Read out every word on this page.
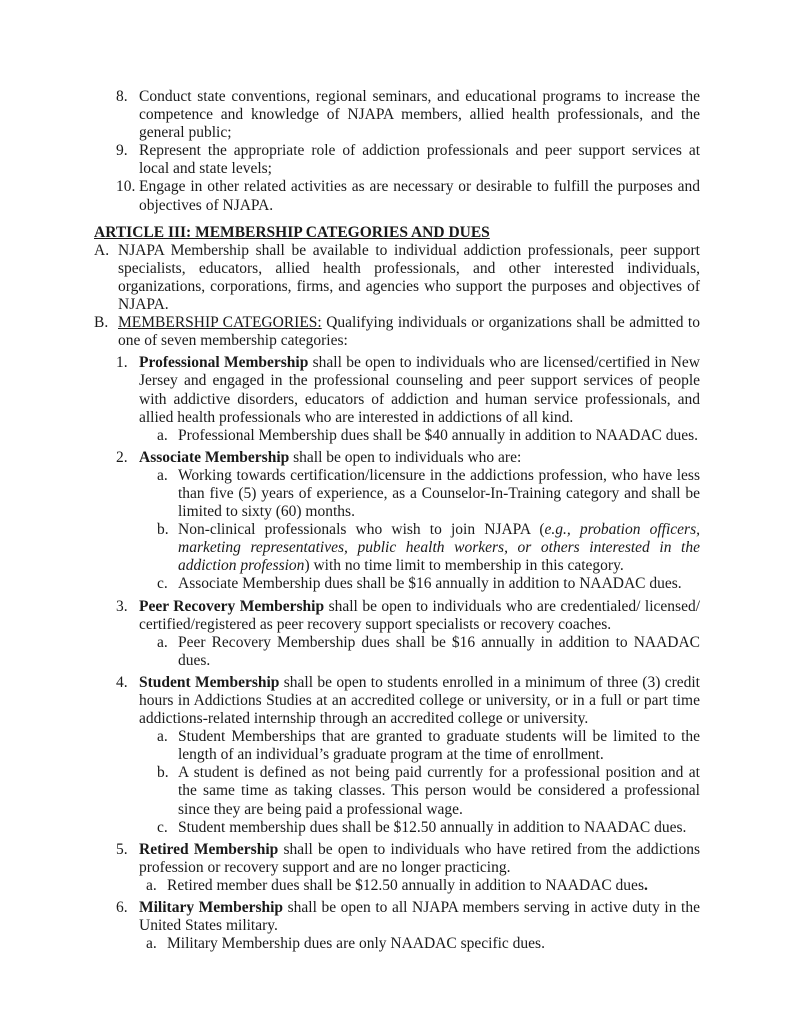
8. Conduct state conventions, regional seminars, and educational programs to increase the competence and knowledge of NJAPA members, allied health professionals, and the general public;
9. Represent the appropriate role of addiction professionals and peer support services at local and state levels;
10. Engage in other related activities as are necessary or desirable to fulfill the purposes and objectives of NJAPA.
ARTICLE III: MEMBERSHIP CATEGORIES AND DUES
A. NJAPA Membership shall be available to individual addiction professionals, peer support specialists, educators, allied health professionals, and other interested individuals, organizations, corporations, firms, and agencies who support the purposes and objectives of NJAPA.
B. MEMBERSHIP CATEGORIES: Qualifying individuals or organizations shall be admitted to one of seven membership categories:
1. Professional Membership shall be open to individuals who are licensed/certified in New Jersey and engaged in the professional counseling and peer support services of people with addictive disorders, educators of addiction and human service professionals, and allied health professionals who are interested in addictions of all kind.
a. Professional Membership dues shall be $40 annually in addition to NAADAC dues.
2. Associate Membership shall be open to individuals who are:
a. Working towards certification/licensure in the addictions profession, who have less than five (5) years of experience, as a Counselor-In-Training category and shall be limited to sixty (60) months.
b. Non-clinical professionals who wish to join NJAPA (e.g., probation officers, marketing representatives, public health workers, or others interested in the addiction profession) with no time limit to membership in this category.
c. Associate Membership dues shall be $16 annually in addition to NAADAC dues.
3. Peer Recovery Membership shall be open to individuals who are credentialed/ licensed/ certified/registered as peer recovery support specialists or recovery coaches.
a. Peer Recovery Membership dues shall be $16 annually in addition to NAADAC dues.
4. Student Membership shall be open to students enrolled in a minimum of three (3) credit hours in Addictions Studies at an accredited college or university, or in a full or part time addictions-related internship through an accredited college or university.
a. Student Memberships that are granted to graduate students will be limited to the length of an individual’s graduate program at the time of enrollment.
b. A student is defined as not being paid currently for a professional position and at the same time as taking classes. This person would be considered a professional since they are being paid a professional wage.
c. Student membership dues shall be $12.50 annually in addition to NAADAC dues.
5. Retired Membership shall be open to individuals who have retired from the addictions profession or recovery support and are no longer practicing.
a. Retired member dues shall be $12.50 annually in addition to NAADAC dues.
6. Military Membership shall be open to all NJAPA members serving in active duty in the United States military.
a. Military Membership dues are only NAADAC specific dues.
